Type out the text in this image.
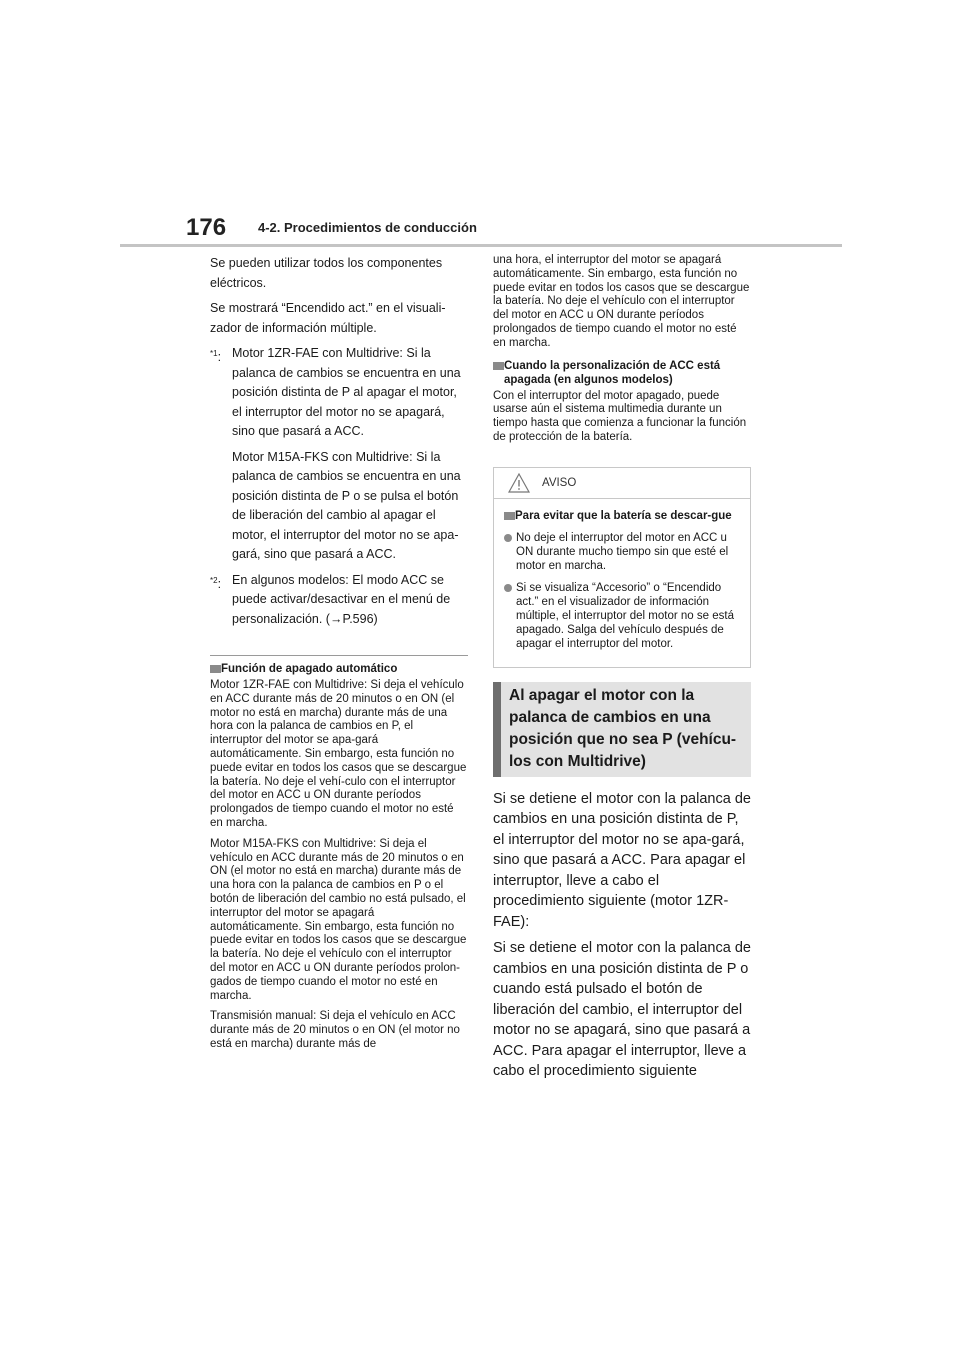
176 4-2. Procedimientos de conducción

Se pueden utilizar todos los componentes eléctricos.

Se mostrará “Encendido act.” en el visuali-zador de información múltiple.

$^{*1}$: Motor 1ZR-FAE con Multidrive: Si la palanca de cambios se encuentra en una posición distinta de P al apagar el motor, el interruptor del motor no se apagará, sino que pasará a ACC.

Motor M15A-FKS con Multidrive: Si la palanca de cambios se encuentra en una posición distinta de P o se pulsa el botón de liberación del cambio al apagar el motor, el interruptor del motor no se apa-gará, sino que pasará a ACC.

$^{*2}$: En algunos modelos: El modo ACC se puede activar/desactivar en el menú de personalización. (→P.596)

Función de apagado automático

Motor 1ZR-FAE con Multidrive: Si deja el vehículo en ACC durante más de 20 minutos o en ON (el motor no está en marcha) durante más de una hora con la palanca de cambios en P, el interruptor del motor se apa-gará automáticamente. Sin embargo, esta función no puede evitar en todos los casos que se descargue la batería. No deje el vehí-culo con el interruptor del motor en ACC u ON durante períodos prolongados de tiempo cuando el motor no esté en marcha.

Motor M15A-FKS con Multidrive: Si deja el vehículo en ACC durante más de 20 minutos o en ON (el motor no está en marcha) durante más de una hora con la palanca de cambios en P o el botón de liberación del cambio no está pulsado, el interruptor del motor se apagará automáticamente. Sin embargo, esta función no puede evitar en todos los casos que se descargue la batería. No deje el vehículo con el interruptor del motor en ACC u ON durante períodos prolon-gados de tiempo cuando el motor no esté en marcha.

Transmisión manual: Si deja el vehículo en ACC durante más de 20 minutos o en ON (el motor no está en marcha) durante más de

una hora, el interruptor del motor se apagará automáticamente. Sin embargo, esta función no puede evitar en todos los casos que se descargue la batería. No deje el vehículo con el interruptor del motor en ACC u ON durante períodos prolongados de tiempo cuando el motor no esté en marcha.

Cuando la personalización de ACC está apagada (en algunos modelos)

Con el interruptor del motor apagado, puede usarse aún el sistema multimedia durante un tiempo hasta que comienza a funcionar la función de protección de la batería.

AVISO
Para evitar que la batería se descar-gue
No deje el interruptor del motor en ACC u ON durante mucho tiempo sin que esté el motor en marcha.
Si se visualiza “Accesorio” o “Encendido act.” en el visualizador de información múltiple, el interruptor del motor no se está apagado. Salga del vehículo después de apagar el interruptor del motor.
Al apagar el motor con la palanca de cambios en una posición que no sea P (vehícu-los con Multidrive)

Si se detiene el motor con la palanca de cambios en una posición distinta de P, el interruptor del motor no se apa-gará, sino que pasará a ACC. Para apagar el interruptor, lleve a cabo el procedimiento siguiente (motor 1ZR-FAE):

Si se detiene el motor con la palanca de cambios en una posición distinta de P o cuando está pulsado el botón de liberación del cambio, el interruptor del motor no se apagará, sino que pasará a ACC. Para apagar el interruptor, lleve a cabo el procedimiento siguiente
